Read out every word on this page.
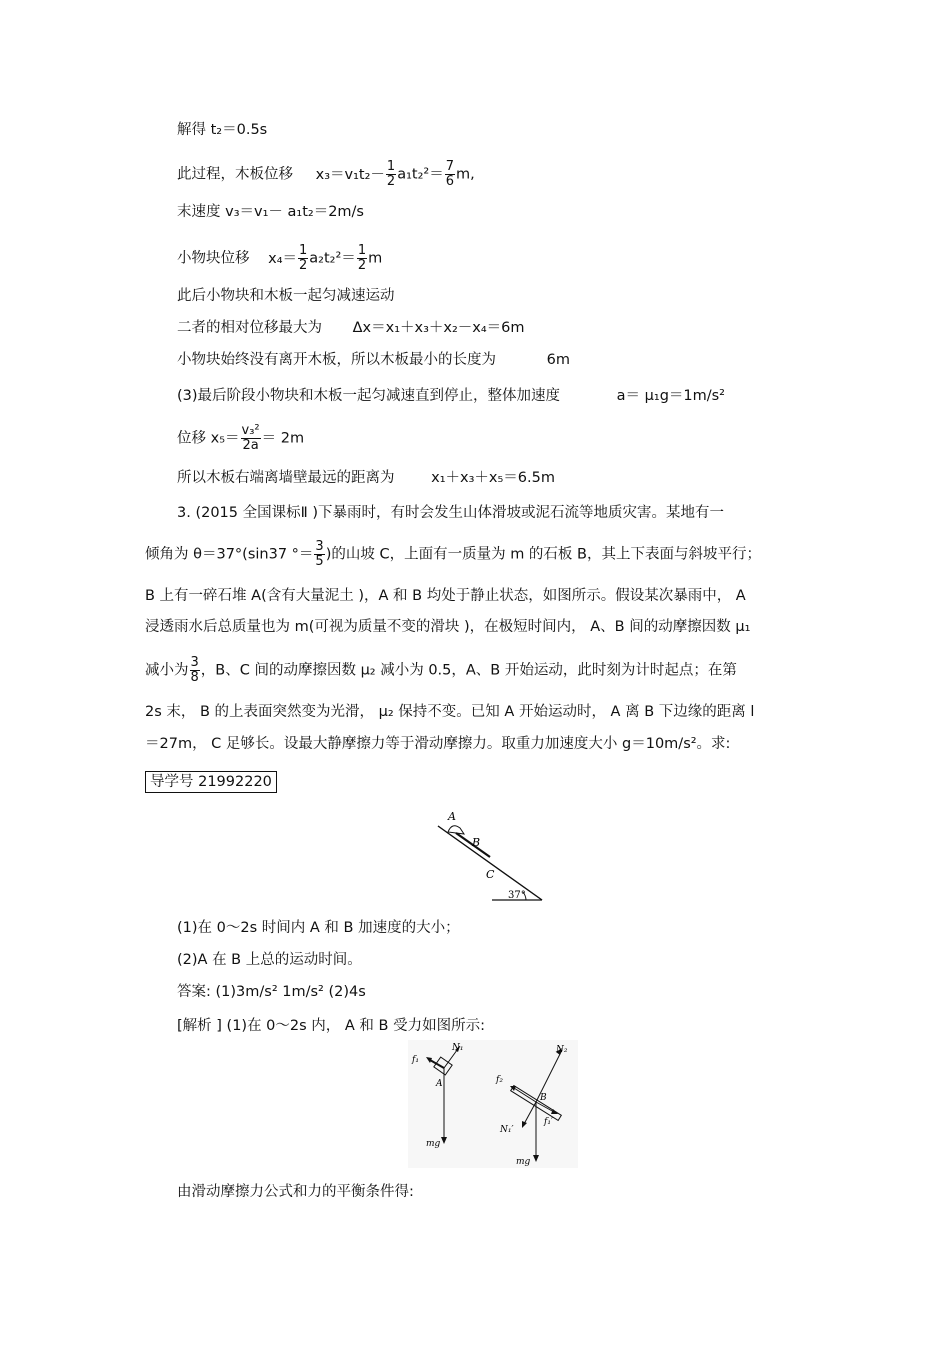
解得 t₂＝0.5s
此过程，木板位移 $x_3=v_1t_2- \frac{1}{2} a_1t_2^2= \frac{7}{6} m$,
末速度 v₃＝v₁－ a₁t₂＝2m/s
小物块位移 $x_4= \frac{1}{2} a_2t_2^2= \frac{1}{2}$ m
此后小物块和木板一起匀减速运动
二者的相对位移最大为 Δx＝x₁＋x₃＋x₂－x₄＝6m
小物块始终没有离开木板，所以木板最小的长度为	6m
(3)最后阶段小物块和木板一起匀减速直到停止，整体加速度	a＝ μ₁g＝1m/s²
位移 $x_5= \frac{\text{v₃²}}{2a} = 2m$
所以木板右端离墙壁最远的距离为	x₁＋x₃＋x₅＝6.5m
3. (2015 全国课标Ⅱ )下暴雨时，有时会发生山体滑坡或泥石流等地质灾害。某地有一
倾角为 θ＝37°(sin37 °＝ $\frac{3}{5}$ )的山坡 C，上面有一质量为 m 的石板 B，其上下表面与斜坡平行；
B 上有一碎石堆 A(含有大量泥土 )，A 和 B 均处于静止状态，如图所示。假设某次暴雨中， A
浸透雨水后总质量也为 m(可视为质量不变的滑块 )，在极短时间内， A、B 间的动摩擦因数 μ₁
减小为 $\frac{3}{8}$ ，B、C 间的动摩擦因数 μ₂ 减小为 0.5，A、B 开始运动，此时刻为计时起点；在第
2s 末， B 的上表面突然变为光滑， μ₂ 保持不变。已知 A 开始运动时， A 离 B 下边缘的距离 l
＝27m， C 足够长。设最大静摩擦力等于滑动摩擦力。取重力加速度大小 g＝10m/s²。求:
导学号 21992220
A
B
C
37°
(1)在 0～2s 时间内 A 和 B 加速度的大小；
(2)A 在 B 上总的运动时间。
答案: (1)3m/s² 1m/s² (2)4s
[解析 ] (1)在 0～2s 内， A 和 B 受力如图所示:
N₁
f₁
A
mg
N₂
f₂
B
N₁′
f₁′
mg
由滑动摩擦力公式和力的平衡条件得:
